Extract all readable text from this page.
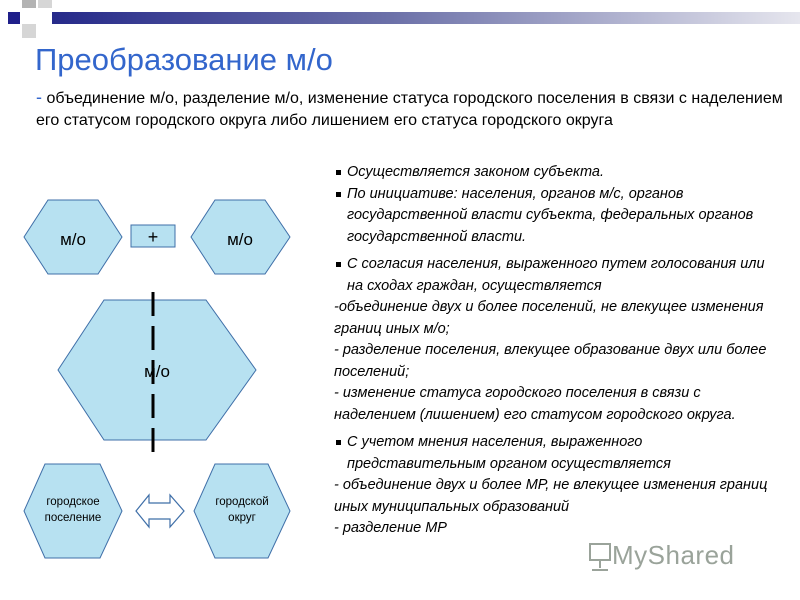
Преобразование м/о
- объединение м/о, разделение м/о, изменение статуса городского поселения в связи с наделением его статусом городского округа либо лишением его статуса городского округа
м/о	+	м/о
м/о
городское
поселение
городской
округ
Осуществляется законом субъекта.
По инициативе: населения, органов м/с, органов государственной власти субъекта, федеральных органов государственной власти.
С согласия населения, выраженного путем голосования или на сходах граждан, осуществляется
-объединение двух и более поселений, не влекущее изменения границ иных м/о;
- разделение поселения, влекущее образование двух или более поселений;
- изменение статуса городского поселения в связи с наделением (лишением) его статусом городского округа.
С учетом мнения населения, выраженного представительным органом осуществляется
- объединение двух и более МР, не влекущее изменения границ иных муниципальных образований
- разделение МР
MyShared
